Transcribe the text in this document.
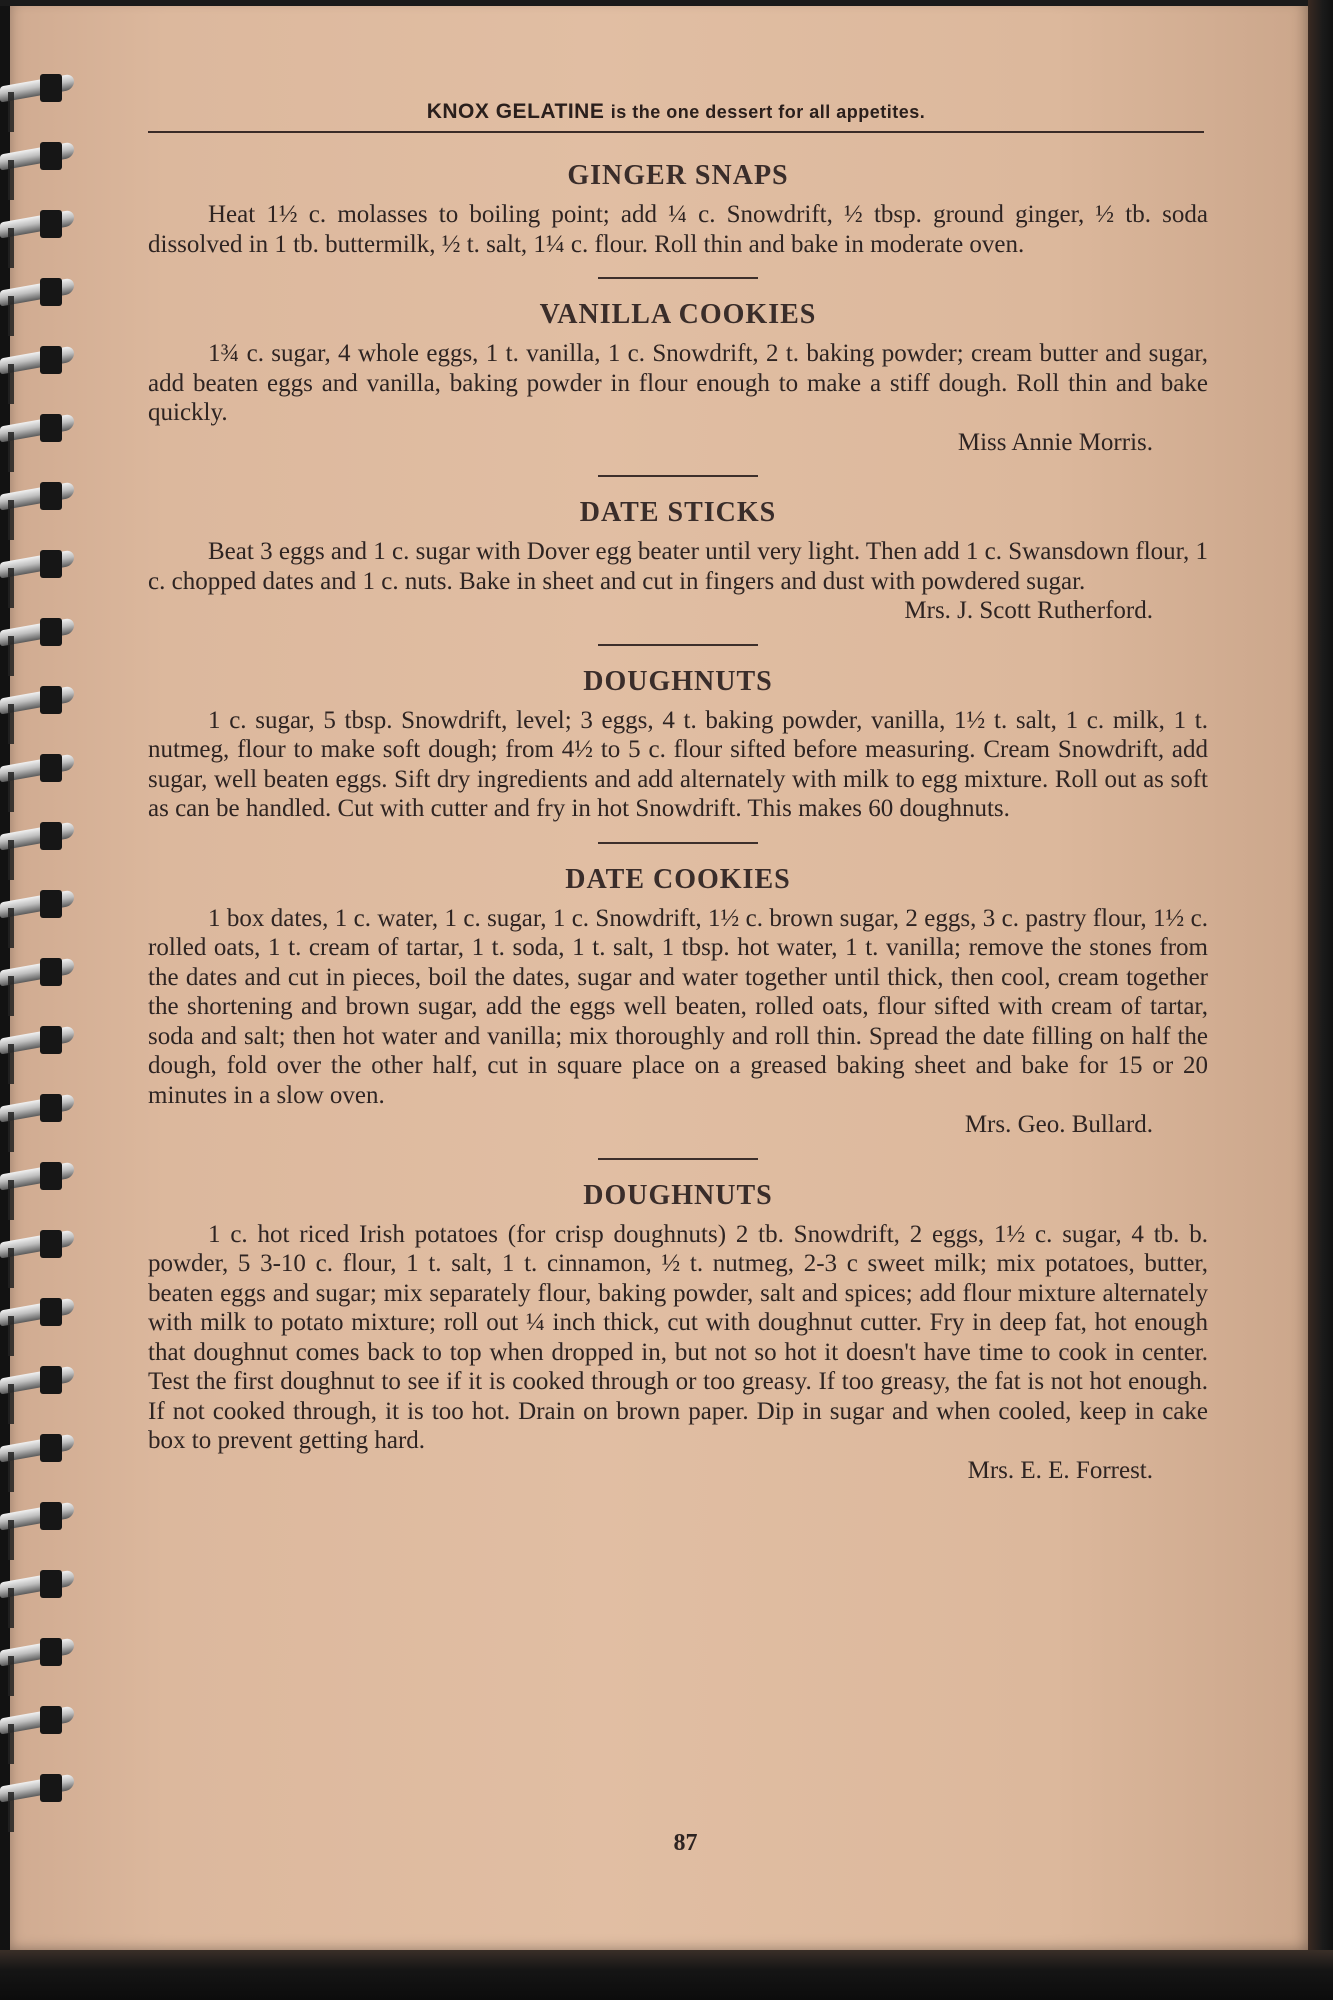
KNOX GELATINE is the one dessert for all appetites.
GINGER SNAPS

Heat 1½ c. molasses to boiling point; add ¼ c. Snowdrift, ½ tbsp. ground ginger, ½ tb. soda dissolved in 1 tb. buttermilk, ½ t. salt, 1¼ c. flour. Roll thin and bake in moderate oven.

VANILLA COOKIES

1¾ c. sugar, 4 whole eggs, 1 t. vanilla, 1 c. Snowdrift, 2 t. baking powder; cream butter and sugar, add beaten eggs and vanilla, baking powder in flour enough to make a stiff dough. Roll thin and bake quickly.

Miss Annie Morris.

DATE STICKS

Beat 3 eggs and 1 c. sugar with Dover egg beater until very light. Then add 1 c. Swansdown flour, 1 c. chopped dates and 1 c. nuts. Bake in sheet and cut in fingers and dust with powdered sugar.

Mrs. J. Scott Rutherford.

DOUGHNUTS

1 c. sugar, 5 tbsp. Snowdrift, level; 3 eggs, 4 t. baking powder, vanilla, 1½ t. salt, 1 c. milk, 1 t. nutmeg, flour to make soft dough; from 4½ to 5 c. flour sifted before measuring. Cream Snowdrift, add sugar, well beaten eggs. Sift dry ingredients and add alternately with milk to egg mixture. Roll out as soft as can be handled. Cut with cutter and fry in hot Snowdrift. This makes 60 doughnuts.

DATE COOKIES

1 box dates, 1 c. water, 1 c. sugar, 1 c. Snowdrift, 1½ c. brown sugar, 2 eggs, 3 c. pastry flour, 1½ c. rolled oats, 1 t. cream of tartar, 1 t. soda, 1 t. salt, 1 tbsp. hot water, 1 t. vanilla; remove the stones from the dates and cut in pieces, boil the dates, sugar and water together until thick, then cool, cream together the shortening and brown sugar, add the eggs well beaten, rolled oats, flour sifted with cream of tartar, soda and salt; then hot water and vanilla; mix thoroughly and roll thin. Spread the date filling on half the dough, fold over the other half, cut in square place on a greased baking sheet and bake for 15 or 20 minutes in a slow oven.

Mrs. Geo. Bullard.

DOUGHNUTS

1 c. hot riced Irish potatoes (for crisp doughnuts) 2 tb. Snowdrift, 2 eggs, 1½ c. sugar, 4 tb. b. powder, 5 3-10 c. flour, 1 t. salt, 1 t. cinnamon, ½ t. nutmeg, 2-3 c sweet milk; mix potatoes, butter, beaten eggs and sugar; mix separately flour, baking powder, salt and spices; add flour mixture alternately with milk to potato mixture; roll out ¼ inch thick, cut with doughnut cutter. Fry in deep fat, hot enough that doughnut comes back to top when dropped in, but not so hot it doesn't have time to cook in center. Test the first doughnut to see if it is cooked through or too greasy. If too greasy, the fat is not hot enough. If not cooked through, it is too hot. Drain on brown paper. Dip in sugar and when cooled, keep in cake box to prevent getting hard.

Mrs. E. E. Forrest.

87
